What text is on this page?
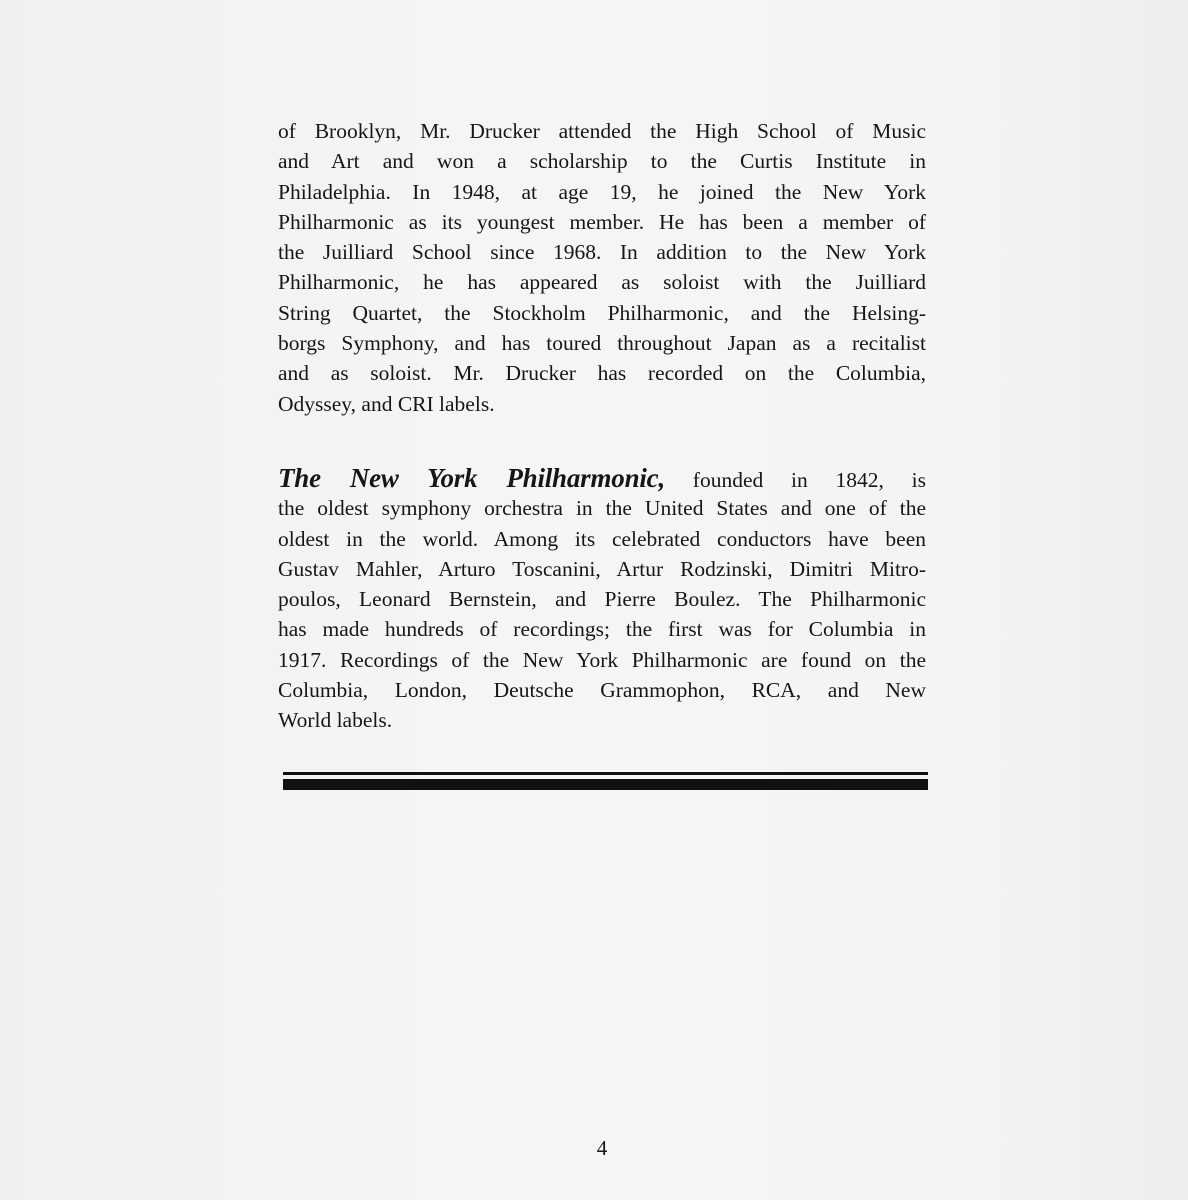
of Brooklyn, Mr. Drucker attended the High School of Music
and Art and won a scholarship to the Curtis Institute in
Philadelphia. In 1948, at age 19, he joined the New York
Philharmonic as its youngest member. He has been a member of
the Juilliard School since 1968. In addition to the New York
Philharmonic, he has appeared as soloist with the Juilliard
String Quartet, the Stockholm Philharmonic, and the Helsing-
borgs Symphony, and has toured throughout Japan as a recitalist
and as soloist. Mr. Drucker has recorded on the Columbia,
Odyssey, and CRI labels.
The New York Philharmonic, founded in 1842, is
the oldest symphony orchestra in the United States and one of the
oldest in the world. Among its celebrated conductors have been
Gustav Mahler, Arturo Toscanini, Artur Rodzinski, Dimitri Mitro-
poulos, Leonard Bernstein, and Pierre Boulez. The Philharmonic
has made hundreds of recordings; the first was for Columbia in
1917. Recordings of the New York Philharmonic are found on the
Columbia, London, Deutsche Grammophon, RCA, and New
World labels.
4
